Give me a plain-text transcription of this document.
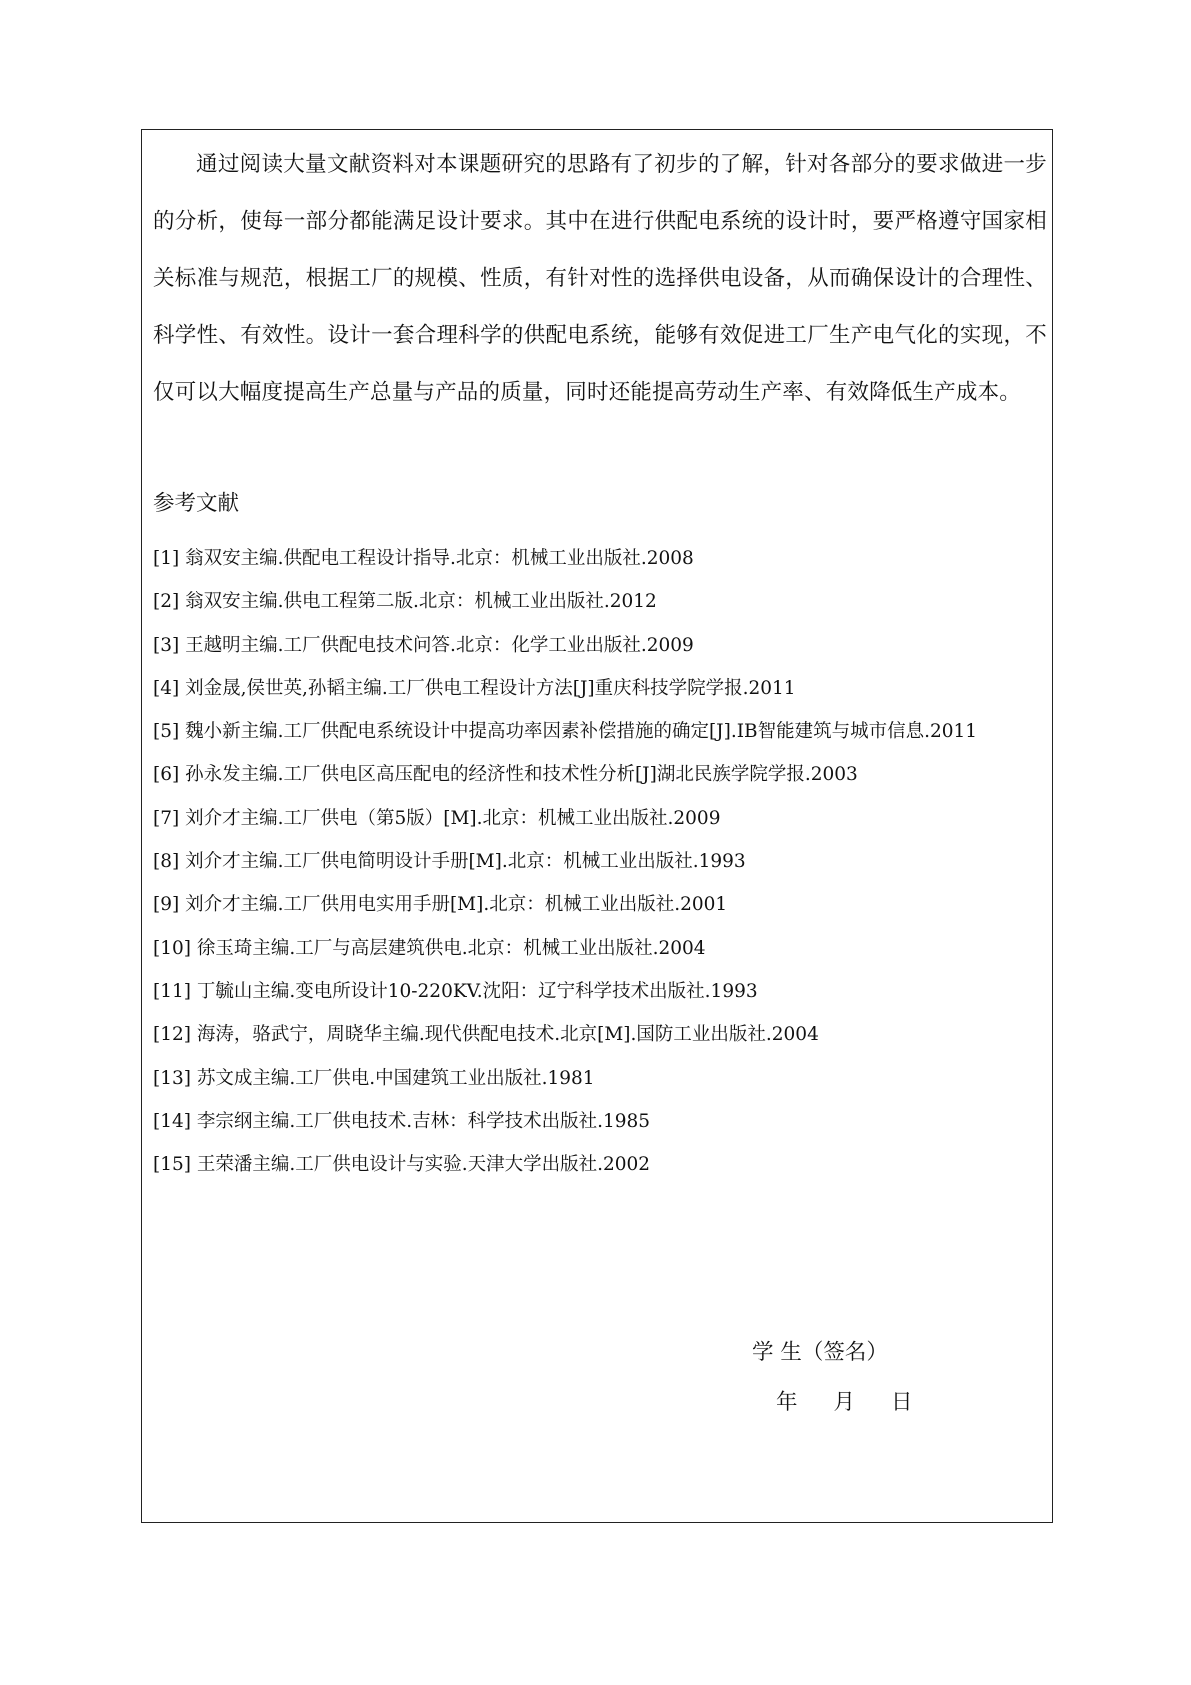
通过阅读大量文献资料对本课题研究的思路有了初步的了解，针对各部分的要求做进一步的分析，使每一部分都能满足设计要求。其中在进行供配电系统的设计时，要严格遵守国家相关标准与规范，根据工厂的规模、性质，有针对性的选择供电设备，从而确保设计的合理性、科学性、有效性。设计一套合理科学的供配电系统，能够有效促进工厂生产电气化的实现，不仅可以大幅度提高生产总量与产品的质量，同时还能提高劳动生产率、有效降低生产成本。

参考文献

[1] 翁双安主编.供配电工程设计指导.北京：机械工业出版社.2008
[2] 翁双安主编.供电工程第二版.北京：机械工业出版社.2012
[3] 王越明主编.工厂供配电技术问答.北京：化学工业出版社.2009
[4] 刘金晟,侯世英,孙韬主编.工厂供电工程设计方法[J]重庆科技学院学报.2011
[5] 魏小新主编.工厂供配电系统设计中提高功率因素补偿措施的确定[J].IB智能建筑与城市信息.2011
[6] 孙永发主编.工厂供电区高压配电的经济性和技术性分析[J]湖北民族学院学报.2003
[7] 刘介才主编.工厂供电（第5版）[M].北京：机械工业出版社.2009
[8] 刘介才主编.工厂供电简明设计手册[M].北京：机械工业出版社.1993
[9] 刘介才主编.工厂供用电实用手册[M].北京：机械工业出版社.2001
[10] 徐玉琦主编.工厂与高层建筑供电.北京：机械工业出版社.2004
[11] 丁毓山主编.变电所设计10-220KV.沈阳：辽宁科学技术出版社.1993
[12] 海涛，骆武宁，周晓华主编.现代供配电技术.北京[M].国防工业出版社.2004
[13] 苏文成主编.工厂供电.中国建筑工业出版社.1981
[14] 李宗纲主编.工厂供电技术.吉林：科学技术出版社.1985
[15] 王荣潘主编.工厂供电设计与实验.天津大学出版社.2002
学 生（签名）
年 月 日
